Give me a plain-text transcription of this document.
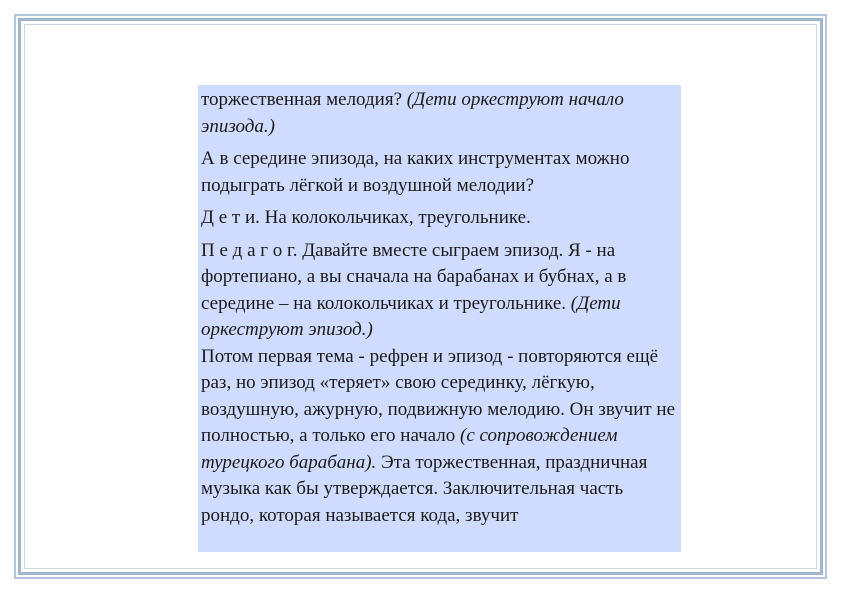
торжественная мелодия? (Дети оркеструют начало эпизода.)

А в середине эпизода, на каких инструментах можно подыграть лёгкой и воздушной мелодии?

Д е т и. На колокольчиках, треугольнике.

П е д а г о г. Давайте вместе сыграем эпизод. Я - на фортепиано, а вы сначала на барабанах и бубнах, а в середине – на колокольчиках и треугольнике. (Дети оркеструют эпизод.)

Потом первая тема - рефрен и эпизод - повторяются ещё раз, но эпизод «теряет» свою серединку, лёгкую, воздушную, ажурную, подвижную мелодию. Он звучит не полностью, а только его начало (с сопровождением турецкого барабана). Эта торжественная, праздничная музыка как бы утверждается. Заключительная часть рондо, которая называется кода, звучит
